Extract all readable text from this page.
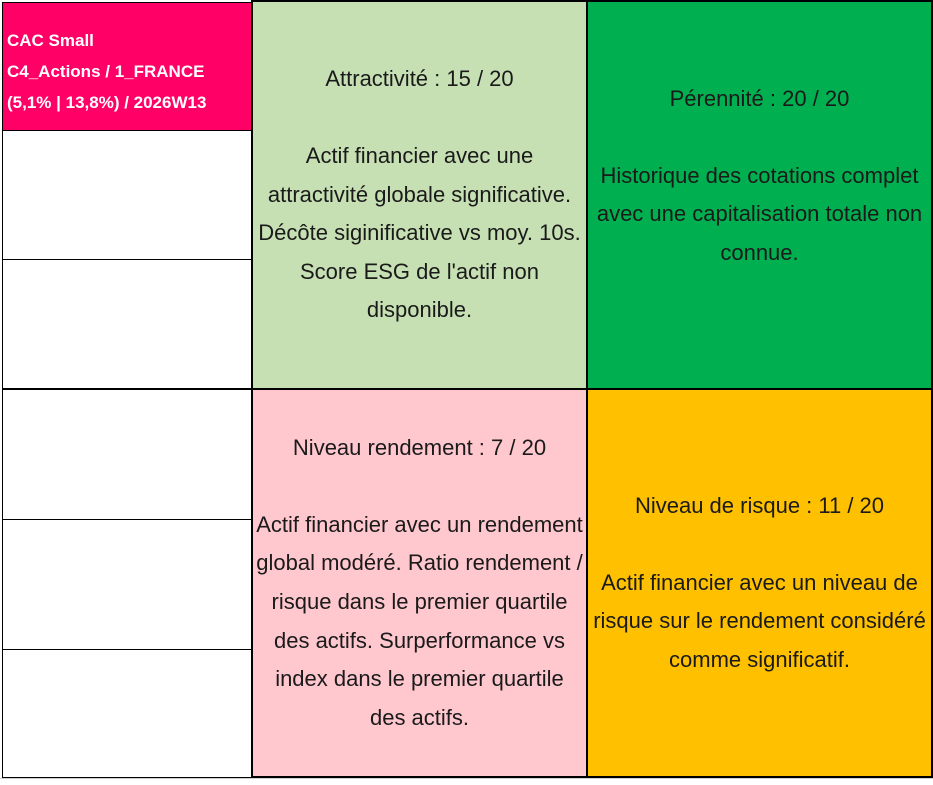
CAC Small
C4_Actions / 1_FRANCE
(5,1% | 13,8%) / 2026W13
Attractivité : 15 / 20
Actif financier avec une attractivité globale significative. Décôte siginificative vs moy. 10s. Score ESG de l'actif non disponible.
Pérennité : 20 / 20
Historique des cotations complet avec une capitalisation totale non connue.
Niveau rendement : 7 / 20
Actif financier avec un rendement global modéré. Ratio rendement / risque dans le premier quartile des actifs. Surperformance vs index dans le premier quartile des actifs.
Niveau de risque : 11 / 20
Actif financier avec un niveau de risque sur le rendement considéré comme significatif.
